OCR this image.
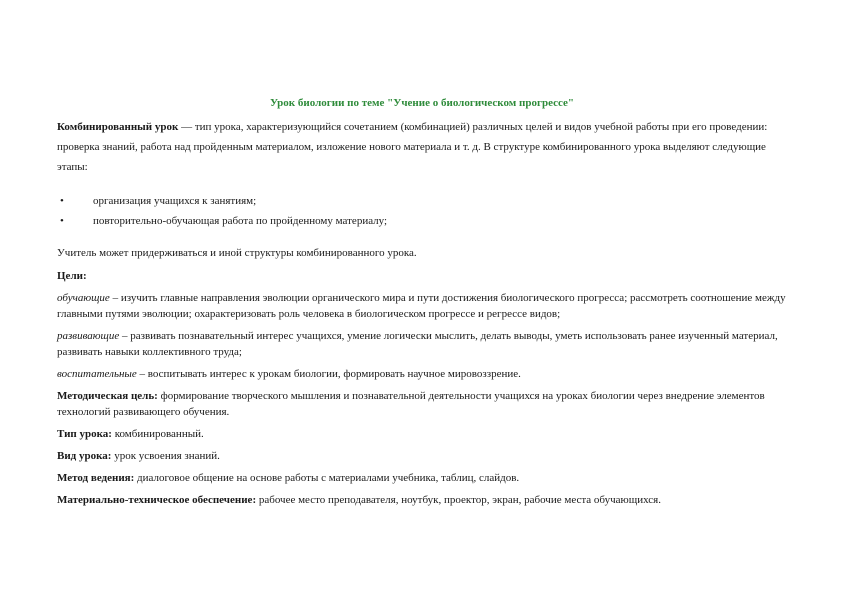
Урок биологии по теме "Учение о биологическом прогрессе"

Комбинированный урок — тип урока, характеризующийся сочетанием (комбинацией) различных целей и видов учебной работы при его проведении: проверка знаний, работа над пройденным материалом, изложение нового материала и т. д. В структуре комбинированного урока выделяют следующие этапы:

•	организация учащихся к занятиям;
•	повторительно-обучающая работа по пройденному материалу;

Учитель может придерживаться и иной структуры комбинированного урока.

Цели:

обучающие – изучить главные направления эволюции органического мира и пути достижения биологического прогресса; рассмотреть соотношение между главными путями эволюции; охарактеризовать роль человека в биологическом прогрессе и регрессе видов;

развивающие – развивать познавательный интерес учащихся, умение логически мыслить, делать выводы, уметь использовать ранее изученный материал, развивать навыки коллективного труда;

воспитательные – воспитывать интерес к урокам биологии, формировать научное мировоззрение.

Методическая цель: формирование творческого мышления и познавательной деятельности учащихся на уроках биологии через внедрение элементов технологий развивающего обучения.

Тип урока: комбинированный.

Вид урока: урок усвоения знаний.

Метод ведения: диалоговое общение на основе работы с материалами учебника, таблиц, слайдов.

Материально-техническое обеспечение: рабочее место преподавателя, ноутбук, проектор, экран, рабочие места обучающихся.
